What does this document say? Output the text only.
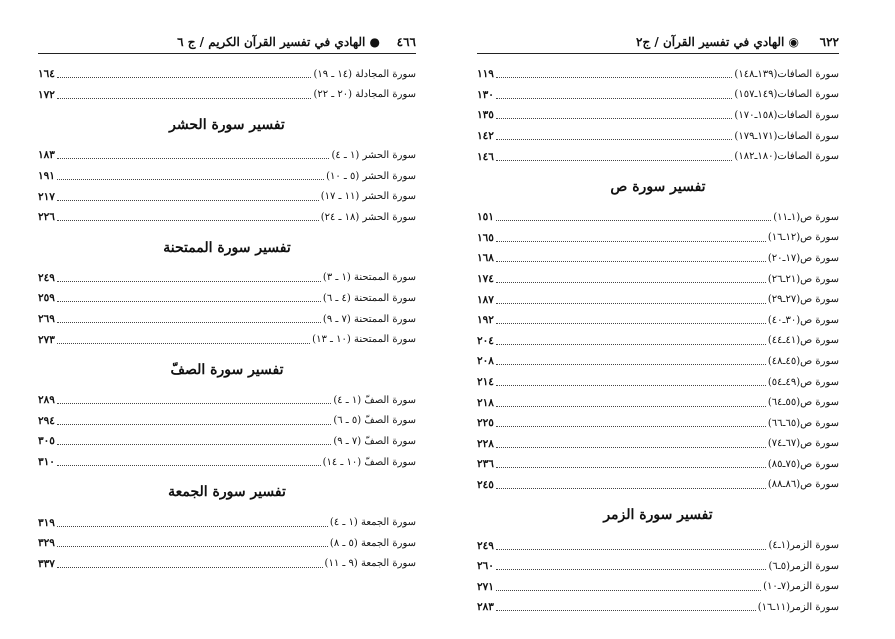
٤٦٦
● الهادي في تفسير القرآن الكريم / ج ٦
سورة المجادلة (١٤ ـ ١٩)
١٦٤
سورة المجادلة (٢٠ ـ ٢٢)
١٧٢
تفسير سورة الحشر
سورة الحشر (١ ـ ٤)
١٨٣
سورة الحشر (٥ ـ ١٠)
١٩١
سورة الحشر (١١ ـ ١٧)
٢١٧
سورة الحشر (١٨ ـ ٢٤)
٢٢٦
تفسير سورة الممتحنة
سورة الممتحنة (١ ـ ٣)
٢٤٩
سورة الممتحنة (٤ ـ ٦)
٢٥٩
سورة الممتحنة (٧ ـ ٩)
٢٦٩
سورة الممتحنة (١٠ ـ ١٣)
٢٧٣
تفسير سورة الصفّ
سورة الصفّ (١ ـ ٤)
٢٨٩
سورة الصفّ (٥ ـ ٦)
٢٩٤
سورة الصفّ (٧ ـ ٩)
٣٠٥
سورة الصفّ (١٠ ـ ١٤)
٣١٠
تفسير سورة الجمعة
سورة الجمعة (١ ـ ٤)
٣١٩
سورة الجمعة (٥ ـ ٨)
٣٢٩
سورة الجمعة (٩ ـ ١١)
٣٣٧
٦٢٢
◉ الهادي في تفسير القرآن / ج٢
سورة الصافات(١٣٩ـ١٤٨)
١١٩
سورة الصافات(١٤٩ـ١٥٧)
١٣٠
سورة الصافات(١٥٨ـ١٧٠)
١٣٥
سورة الصافات(١٧١ـ١٧٩)
١٤٢
سورة الصافات(١٨٠ـ١٨٢)
١٤٦
تفسير سورة ص
سورة ص(١ـ١١)
١٥١
سورة ص(١٢ـ١٦)
١٦٥
سورة ص(١٧ـ٢٠)
١٦٨
سورة ص(٢١ـ٢٦)
١٧٤
سورة ص(٢٧ـ٢٩)
١٨٧
سورة ص(٣٠ـ٤٠)
١٩٢
سورة ص(٤١ـ٤٤)
٢٠٤
سورة ص(٤٥ـ٤٨)
٢٠٨
سورة ص(٤٩ـ٥٤)
٢١٤
سورة ص(٥٥ـ٦٤)
٢١٨
سورة ص(٦٥ـ٦٦)
٢٢٥
سورة ص(٦٧ـ٧٤)
٢٢٨
سورة ص(٧٥ـ٨٥)
٢٣٦
سورة ص(٨٦ـ٨٨)
٢٤٥
تفسير سورة الزمر
سورة الزمر(١ـ٤)
٢٤٩
سورة الزمر(٥ـ٦)
٢٦٠
سورة الزمر(٧ـ١٠)
٢٧١
سورة الزمر(١١ـ١٦)
٢٨٣
